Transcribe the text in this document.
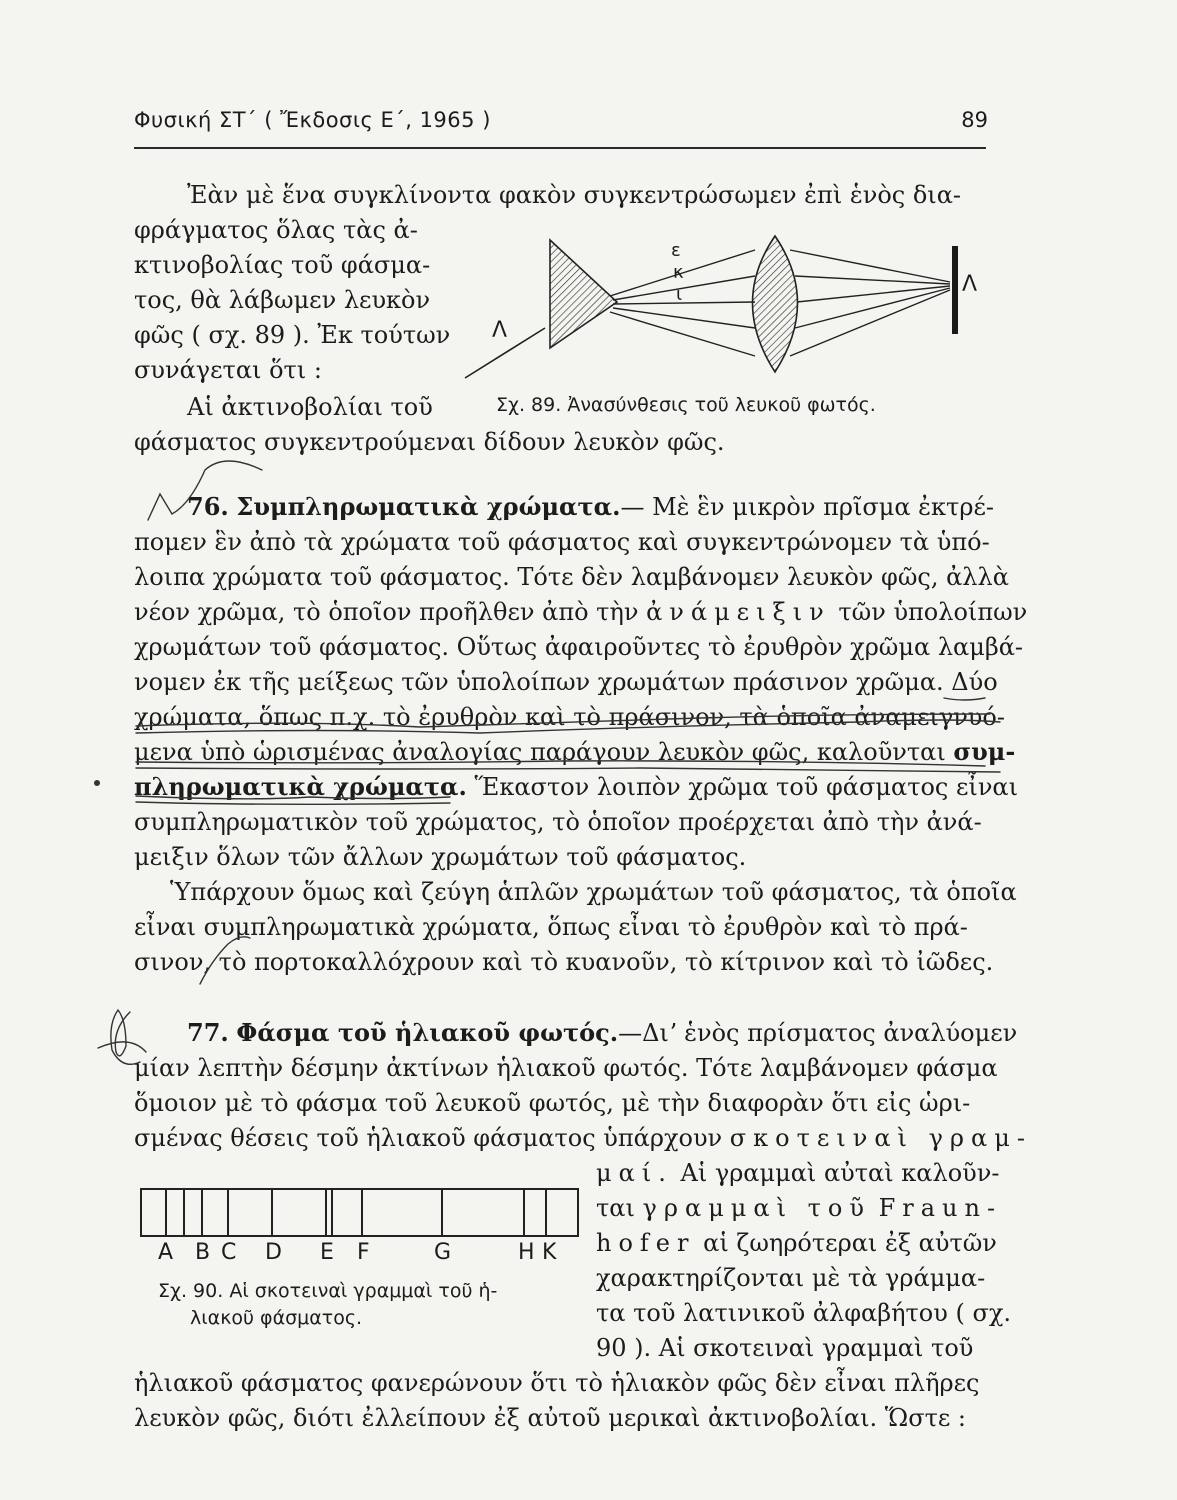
Φυσική ΣΤ΄ ( Ἔκδοσις Ε΄, 1965 )	89
Ἐὰν μὲ ἕνα συγκλίνοντα φακὸν συγκεντρώσωμεν ἐπὶ ἑνὸς δια-
φράγματος ὅλας τὰς ἀ-
κτινοβολίας τοῦ φάσμα-
τος, θὰ λάβωμεν λευκὸν
φῶς ( σχ. 89 ). Ἐκ τούτων
συνάγεται ὅτι :
Αἱ ἀκτινοβολίαι τοῦ
φάσματος συγκεντρούμεναι δίδουν λευκὸν φῶς.
ε
κ
ι
Λ
Λ
Σχ. 89. Ἀνασύνθεσις τοῦ λευκοῦ φωτός.
76. Συμπληρωματικὰ χρώματα.— Μὲ ἓν μικρὸν πρῖσμα ἐκτρέ-
πομεν ἓν ἀπὸ τὰ χρώματα τοῦ φάσματος καὶ συγκεντρώνομεν τὰ ὑπό-
λοιπα χρώματα τοῦ φάσματος. Τότε δὲν λαμβάνομεν λευκὸν φῶς, ἀλλὰ
νέον χρῶμα, τὸ ὁποῖον προῆλθεν ἀπὸ τὴν ἀνάμειξιν τῶν ὑπολοίπων
χρωμάτων τοῦ φάσματος. Οὕτως ἀφαιροῦντες τὸ ἐρυθρὸν χρῶμα λαμβά-
νομεν ἐκ τῆς μείξεως τῶν ὑπολοίπων χρωμάτων πράσινον χρῶμα. Δύο
χρώματα, ὅπως π.χ. τὸ ἐρυθρὸν καὶ τὸ πράσινον, τὰ ὁποῖα ἀναμειγνυό-
μενα ὑπὸ ὡρισμένας ἀναλογίας παράγουν λευκὸν φῶς, καλοῦνται συμ-
πληρωματικὰ χρώματα. Ἕκαστον λοιπὸν χρῶμα τοῦ φάσματος εἶναι
συμπληρωματικὸν τοῦ χρώματος, τὸ ὁποῖον προέρχεται ἀπὸ τὴν ἀνά-
μειξιν ὅλων τῶν ἄλλων χρωμάτων τοῦ φάσματος.
Ὑπάρχουν ὅμως καὶ ζεύγη ἁπλῶν χρωμάτων τοῦ φάσματος, τὰ ὁποῖα
εἶναι συμπληρωματικὰ χρώματα, ὅπως εἶναι τὸ ἐρυθρὸν καὶ τὸ πρά-
σινον, τὸ πορτοκαλλόχρουν καὶ τὸ κυανοῦν, τὸ κίτρινον καὶ τὸ ἰῶδες.
77. Φάσμα τοῦ ἡλιακοῦ φωτός.—Διʼ ἑνὸς πρίσματος ἀναλύομεν
μίαν λεπτὴν δέσμην ἀκτίνων ἡλιακοῦ φωτός. Τότε λαμβάνομεν φάσμα
ὅμοιον μὲ τὸ φάσμα τοῦ λευκοῦ φωτός, μὲ τὴν διαφορὰν ὅτι εἰς ὡρι-
σμένας θέσεις τοῦ ἡλιακοῦ φάσματος ὑπάρχουν σκοτειναὶ γραμ-
μαί. Αἱ γραμμαὶ αὐταὶ καλοῦν-
ται γραμμαὶ τοῦ Fraun-
hofer αἱ ζωηρότεραι ἐξ αὐτῶν
χαρακτηρίζονται μὲ τὰ γράμμα-
τα τοῦ λατινικοῦ ἀλφαβήτου ( σχ.
90 ). Αἱ σκοτειναὶ γραμμαὶ τοῦ
ἡλιακοῦ φάσματος φανερώνουν ὅτι τὸ ἡλιακὸν φῶς δὲν εἶναι πλῆρες
λευκὸν φῶς, διότι ἐλλείπουν ἐξ αὐτοῦ μερικαὶ ἀκτινοβολίαι. Ὥστε :
A B C D E F	G	H K
Σχ. 90. Αἱ σκοτειναὶ γραμμαὶ τοῦ ἡ-
λιακοῦ φάσματος.
